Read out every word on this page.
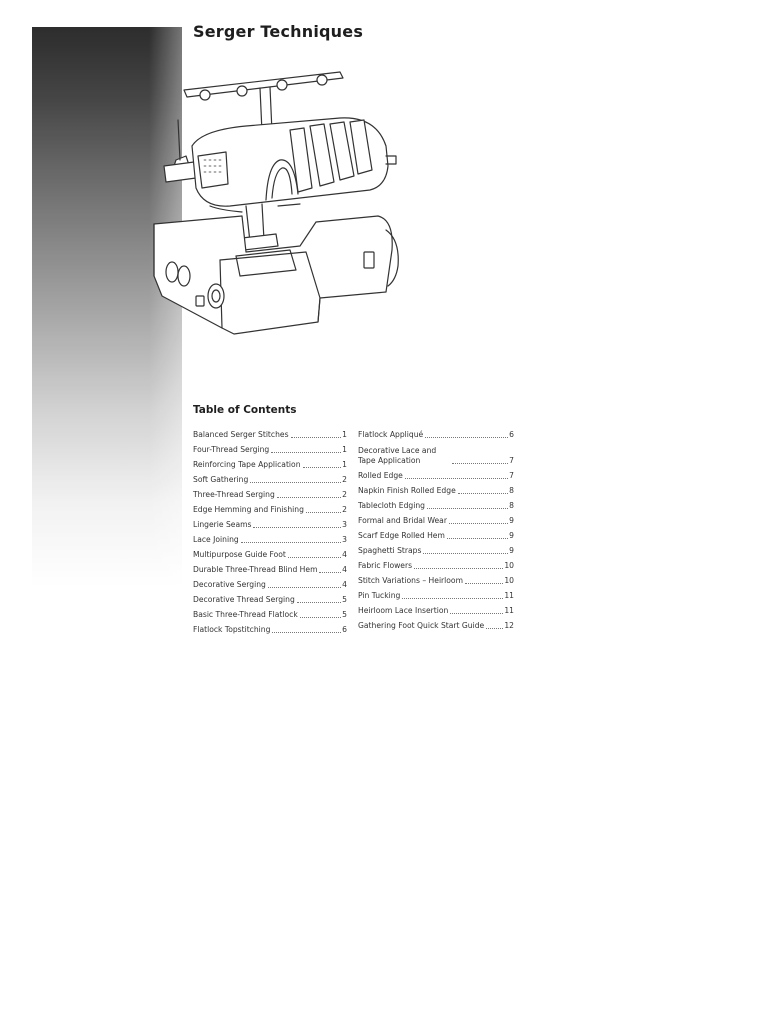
Serger Techniques
Table of Contents
Balanced Serger Stitches	1
Four-Thread Serging	1
Reinforcing Tape Application	1
Soft Gathering	2
Three-Thread Serging	2
Edge Hemming and Finishing	2
Lingerie Seams	3
Lace Joining	3
Multipurpose Guide Foot	4
Durable Three-Thread Blind Hem	4
Decorative Serging	4
Decorative Thread Serging	5
Basic Three-Thread Flatlock	5
Flatlock Topstitching	6
Flatlock Appliqué	6
Decorative Lace and Tape Application	7
Rolled Edge	7
Napkin Finish Rolled Edge	8
Tablecloth Edging	8
Formal and Bridal Wear	9
Scarf Edge Rolled Hem	9
Spaghetti Straps	9
Fabric Flowers	10
Stitch Variations – Heirloom	10
Pin Tucking	11
Heirloom Lace Insertion	11
Gathering Foot Quick Start Guide	12
